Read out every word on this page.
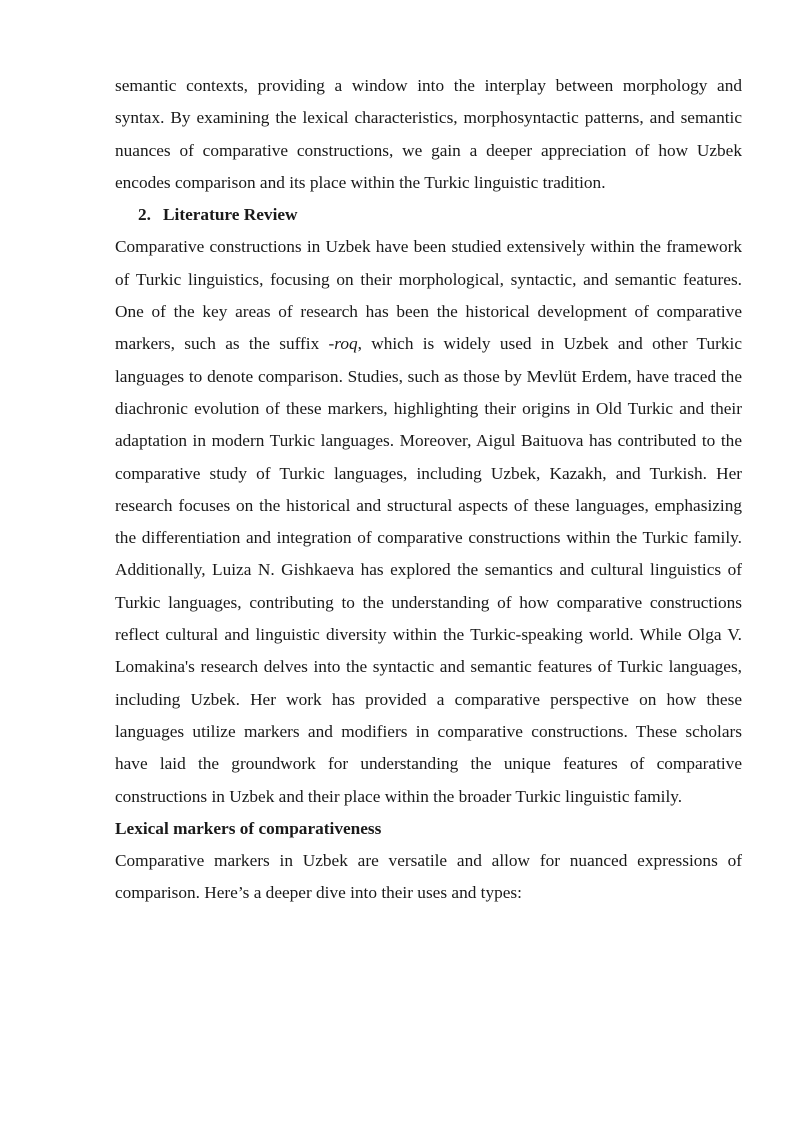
semantic contexts, providing a window into the interplay between morphology and syntax. By examining the lexical characteristics, morphosyntactic patterns, and semantic nuances of comparative constructions, we gain a deeper appreciation of how Uzbek encodes comparison and its place within the Turkic linguistic tradition.

2. Literature Review

Comparative constructions in Uzbek have been studied extensively within the framework of Turkic linguistics, focusing on their morphological, syntactic, and semantic features. One of the key areas of research has been the historical development of comparative markers, such as the suffix -roq, which is widely used in Uzbek and other Turkic languages to denote comparison. Studies, such as those by Mevlüt Erdem, have traced the diachronic evolution of these markers, highlighting their origins in Old Turkic and their adaptation in modern Turkic languages. Moreover, Aigul Baituova has contributed to the comparative study of Turkic languages, including Uzbek, Kazakh, and Turkish. Her research focuses on the historical and structural aspects of these languages, emphasizing the differentiation and integration of comparative constructions within the Turkic family. Additionally, Luiza N. Gishkaeva has explored the semantics and cultural linguistics of Turkic languages, contributing to the understanding of how comparative constructions reflect cultural and linguistic diversity within the Turkic-speaking world. While Olga V. Lomakina's research delves into the syntactic and semantic features of Turkic languages, including Uzbek. Her work has provided a comparative perspective on how these languages utilize markers and modifiers in comparative constructions. These scholars have laid the groundwork for understanding the unique features of comparative constructions in Uzbek and their place within the broader Turkic linguistic family.

Lexical markers of comparativeness

Comparative markers in Uzbek are versatile and allow for nuanced expressions of comparison. Here’s a deeper dive into their uses and types:
